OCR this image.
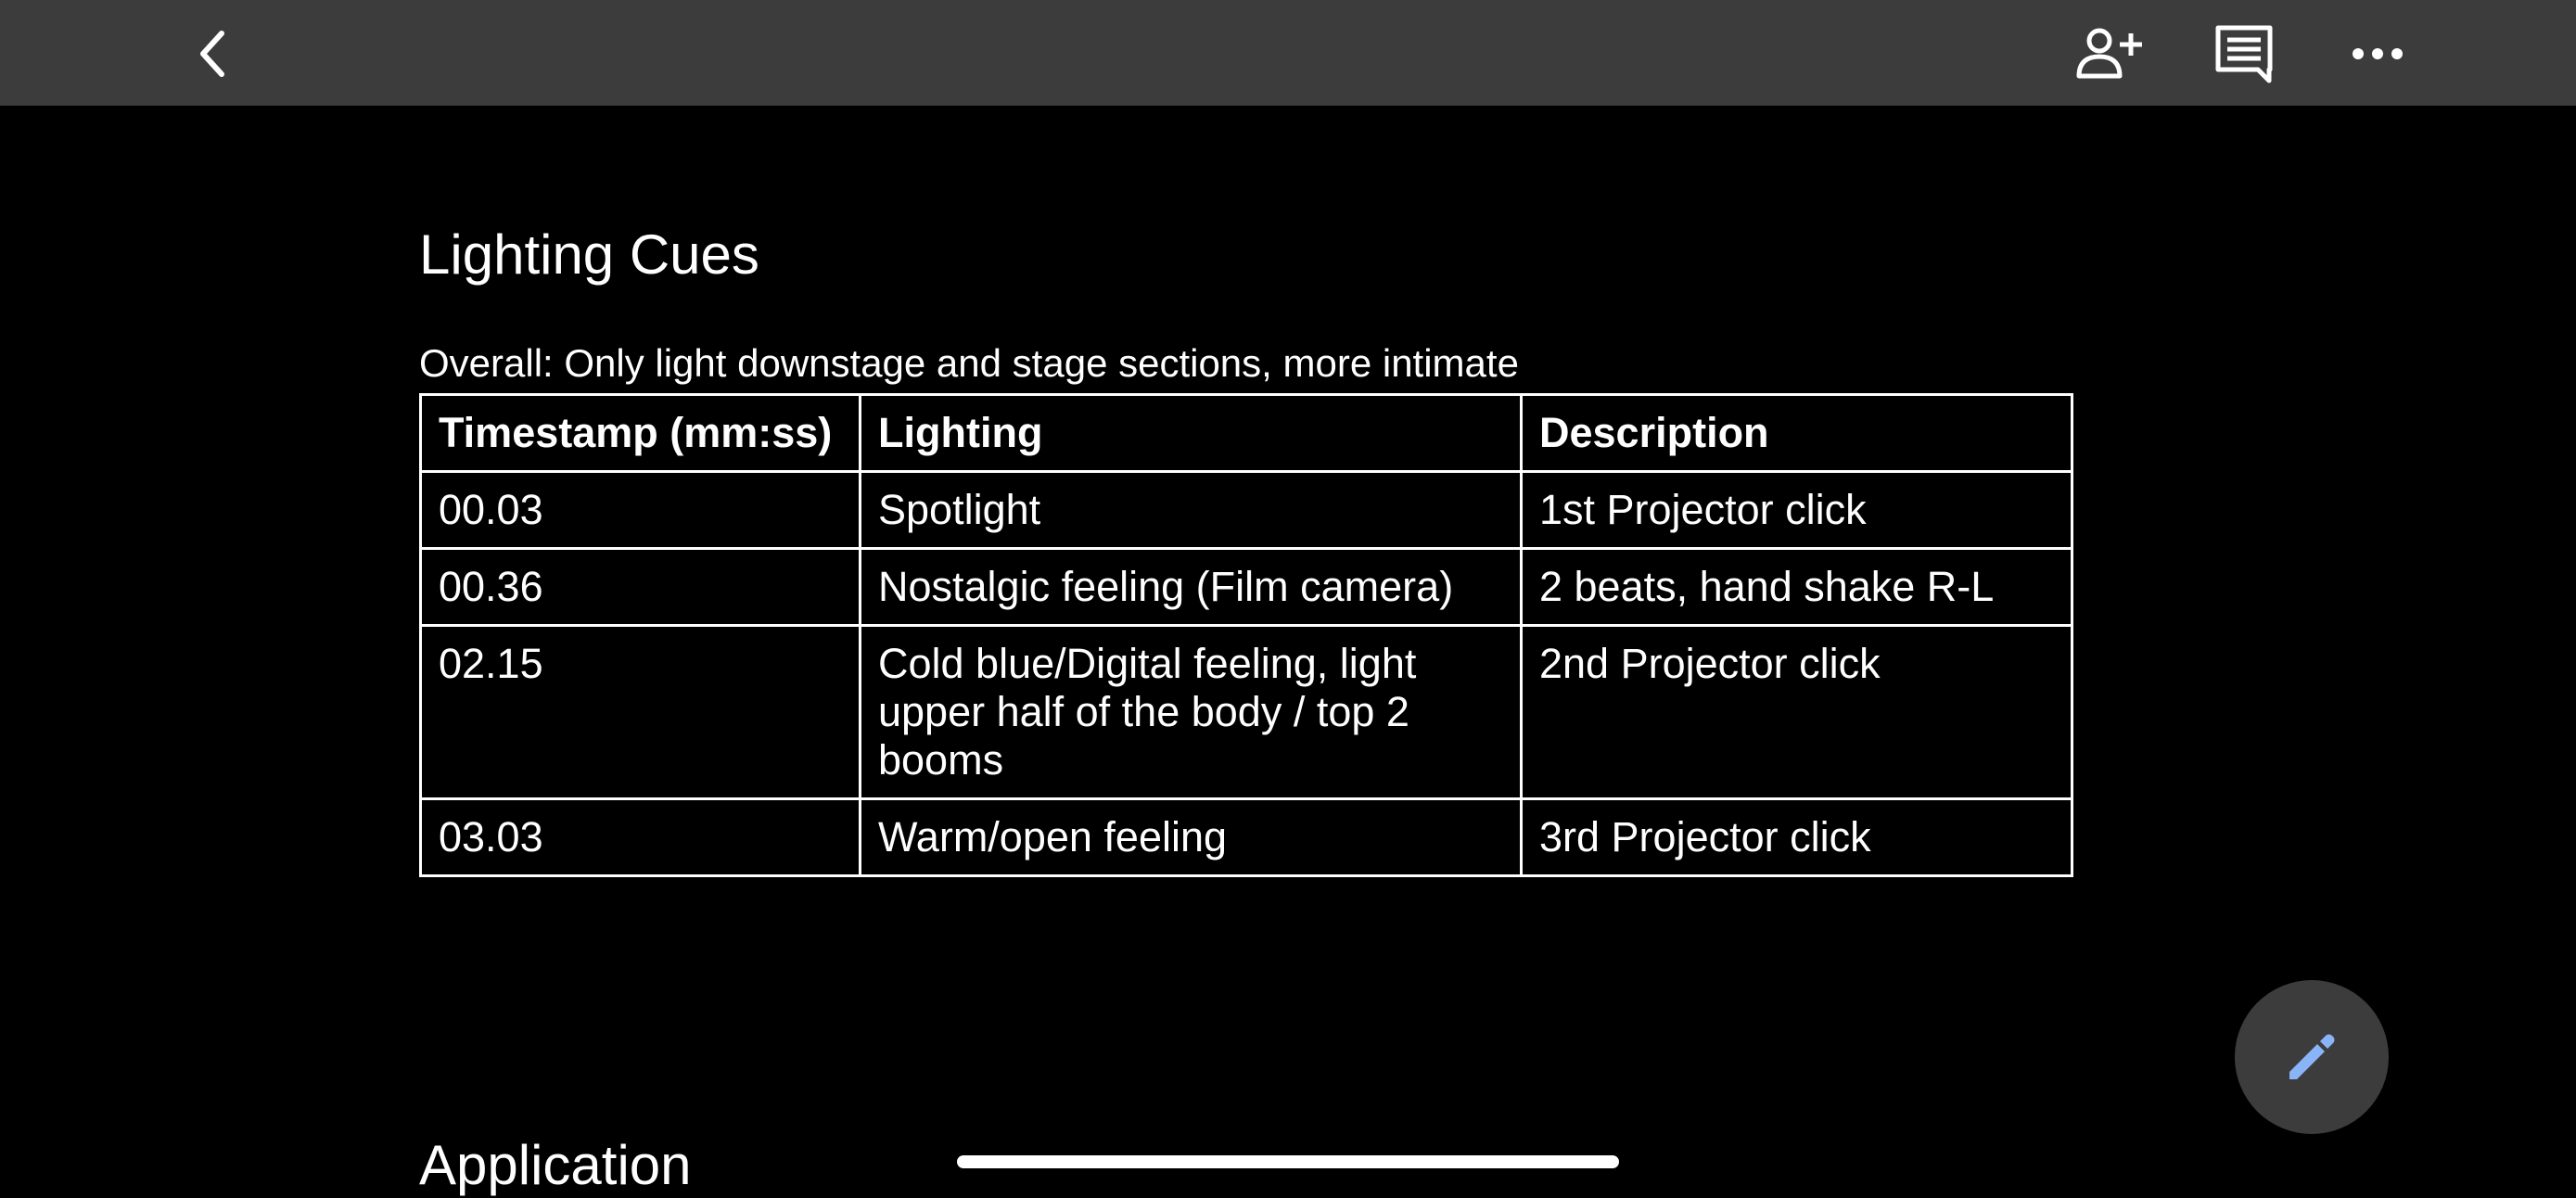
Lighting Cues
Overall: Only light downstage and stage sections, more intimate
Timestamp (mm:ss)	Lighting	Description
00.03	Spotlight	1st Projector click
00.36	Nostalgic feeling (Film camera)	2 beats, hand shake R-L
02.15	Cold blue/Digital feeling, light upper half of the body / top 2 booms	2nd Projector click
03.03	Warm/open feeling	3rd Projector click
Application
